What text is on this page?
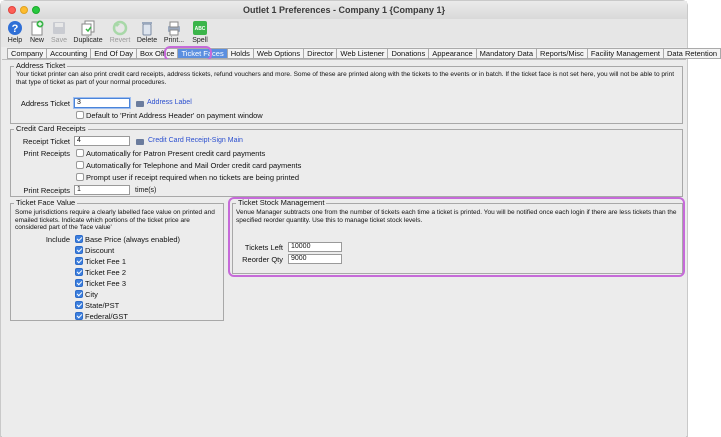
Outlet 1 Preferences - Company 1 {Company 1}
?
Help	New	Save Duplicate Revert Delete Print...
ABC
Spell
Company Accounting End Of Day Box Office Ticket Faces Holds Web Options Director Web Listener Donations Appearance Mandatory Data Reports/Misc Facility Management Data Retention
Address Ticket
Your ticket printer can also print credit card receipts, address tickets, refund vouchers and more. Some of these are printed along with the tickets to the events or in batch. If the ticket face is not set here, you will not be able to print that type of ticket as part of your normal procedures.
Address Ticket	3	Address Label
Default to 'Print Address Header' on payment window
Credit Card Receipts
Receipt Ticket	4	Credit Card Receipt-Sign Main
Print Receipts Automatically for Patron Present credit card payments
Automatically for Telephone and Mail Order credit card payments
Prompt user if receipt required when no tickets are being printed
Print Receipts	1	time(s)
Ticket Face Value
Some jurisdictions require a clearly labelled face value on printed and emailed tickets. Indicate which portions of the ticket price are considered part of the 'face value'
Include Base Price (always enabled)
Discount
Ticket Fee 1
Ticket Fee 2
Ticket Fee 3
City
State/PST
Federal/GST
Ticket Stock Management
Venue Manager subtracts one from the number of tickets each time a ticket is printed. You will be notified once each login if there are less tickets than the specified reorder quantity. Use this to manage ticket stock levels.
Tickets Left	10000
Reorder Qty	9000
